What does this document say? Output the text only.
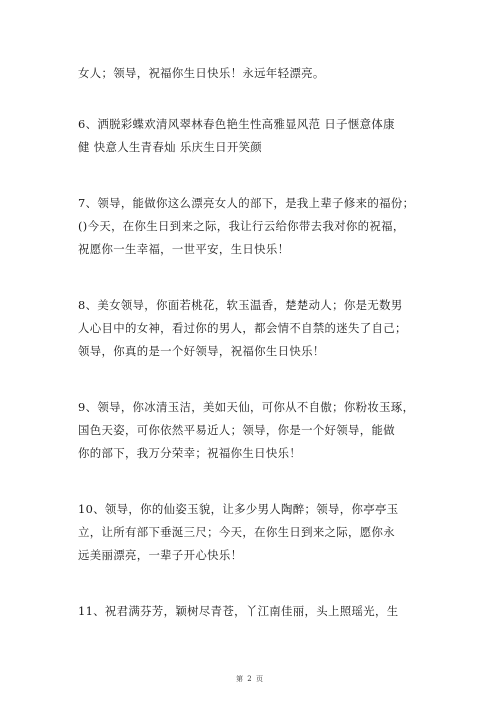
女人；领导，祝福你生日快乐！永远年轻漂亮。
6、洒脱彩蝶欢清风翠林春色艳生性高雅显风范 日子惬意体康
健 快意人生青春灿 乐庆生日开笑颜
7、领导，能做你这么漂亮女人的部下，是我上辈子修来的福份；
()今天，在你生日到来之际，我让行云给你带去我对你的祝福，
祝愿你一生幸福，一世平安，生日快乐！
8、美女领导，你面若桃花，软玉温香，楚楚动人；你是无数男
人心目中的女神，看过你的男人，都会情不自禁的迷失了自己；
领导，你真的是一个好领导，祝福你生日快乐！
9、领导，你冰清玉洁，美如天仙，可你从不自傲；你粉妆玉琢，
国色天姿，可你依然平易近人；领导，你是一个好领导，能做
你的部下，我万分荣幸；祝福你生日快乐！
10、领导，你的仙姿玉貌，让多少男人陶醉；领导，你亭亭玉
立，让所有部下垂涎三尺；今天，在你生日到来之际，愿你永
远美丽漂亮，一辈子开心快乐！
11、祝君满芬芳，颖树尽青苍，丫江南佳丽，头上照瑶光，生
第 2 页
